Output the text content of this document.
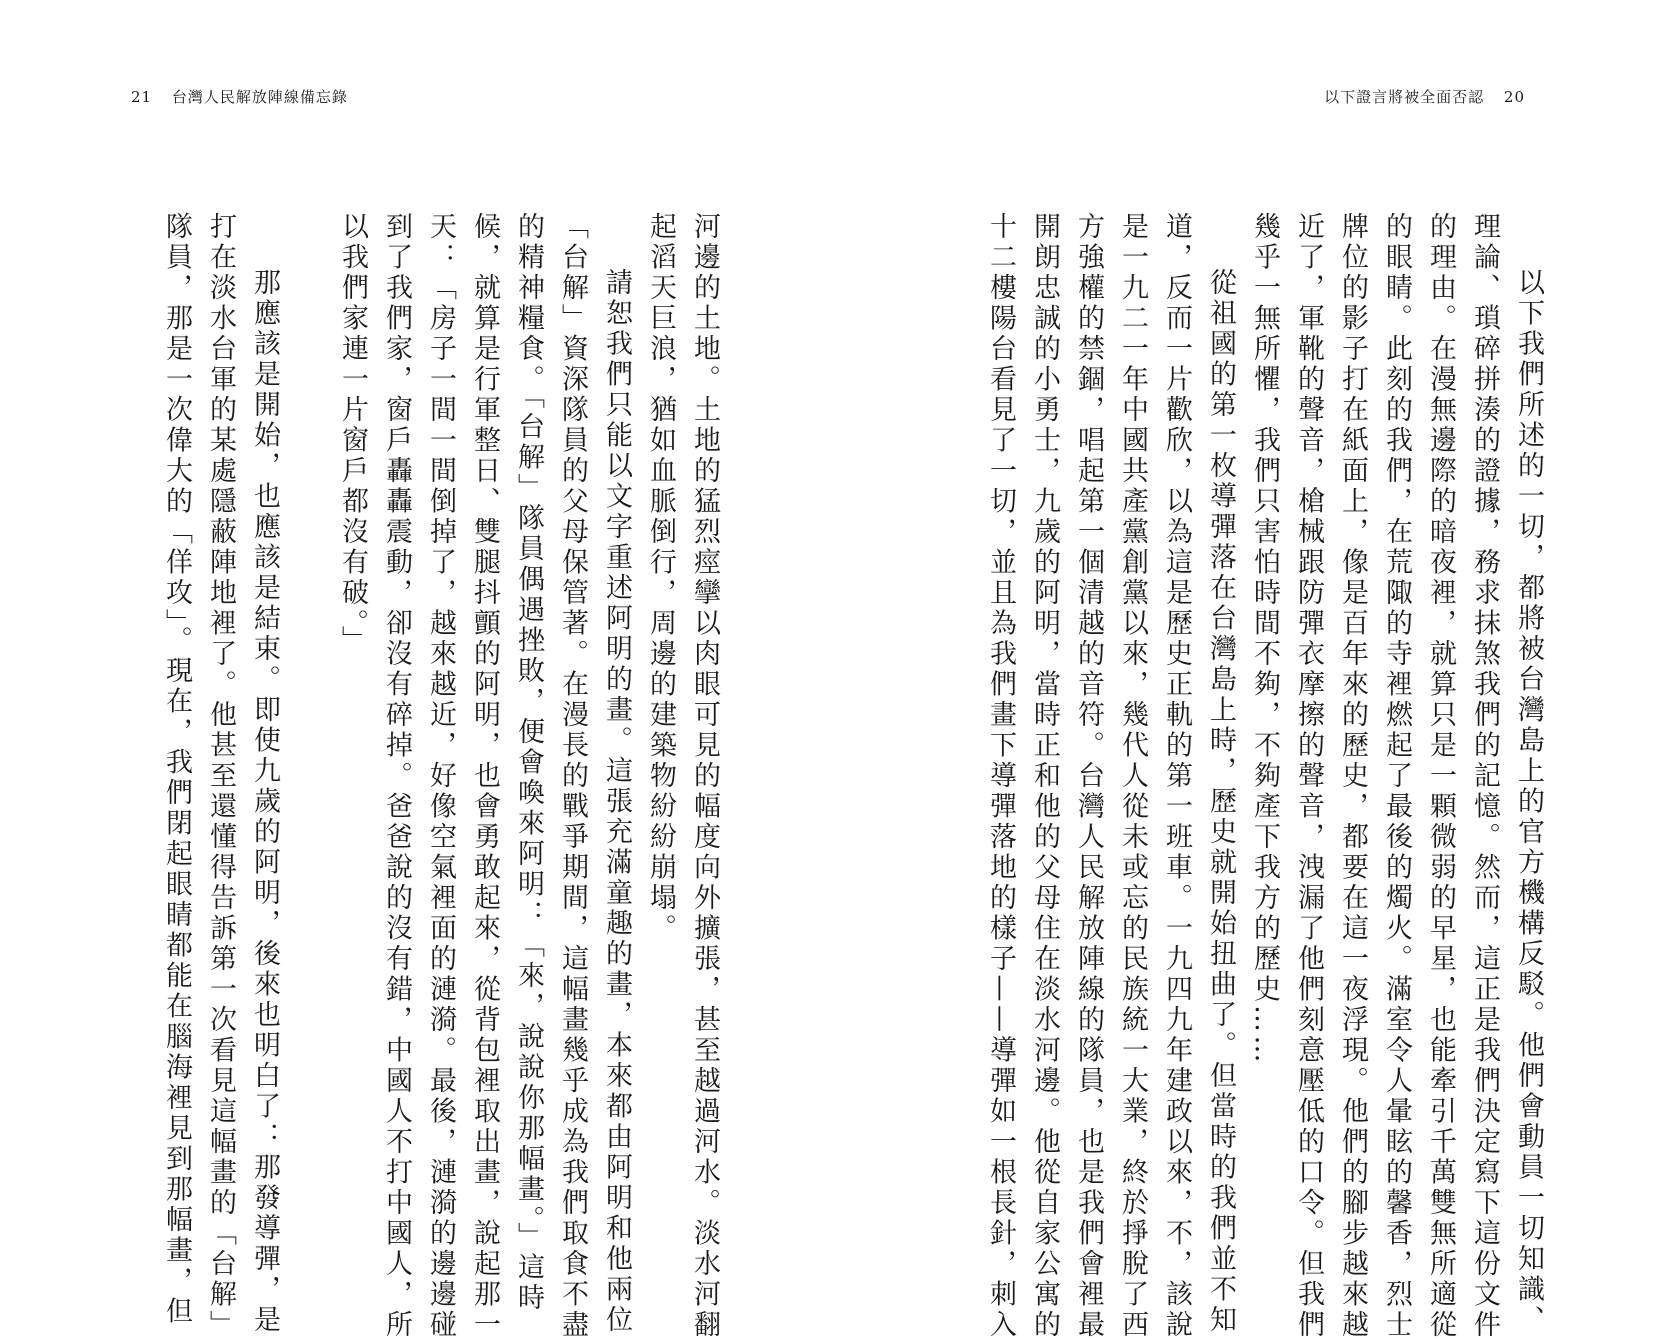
21 台灣人民解放陣線備忘錄	以下證言將被全面否認 20
以下我們所述的一切，都將被台灣島上的官方機構反駁。他們會動員一切知識、
理論、瑣碎拼湊的證據，務求抹煞我們的記憶。然而，這正是我們決定寫下這份文件
的理由。在漫無邊際的暗夜裡，就算只是一顆微弱的早星，也能牽引千萬雙無所適從
的眼睛。此刻的我們，在荒陬的寺裡燃起了最後的燭火。滿室令人暈眩的馨香，烈士
牌位的影子打在紙面上，像是百年來的歷史，都要在這一夜浮現。他們的腳步越來越
近了，軍靴的聲音，槍械跟防彈衣摩擦的聲音，洩漏了他們刻意壓低的口令。但我們
幾乎一無所懼，我們只害怕時間不夠，不夠產下我方的歷史……
從祖國的第一枚導彈落在台灣島上時，歷史就開始扭曲了。但當時的我們並不知
道，反而一片歡欣，以為這是歷史正軌的第一班車。一九四九年建政以來，不，該說
是一九二一年中國共產黨創黨以來，幾代人從未或忘的民族統一大業，終於掙脫了西
方強權的禁錮，唱起第一個清越的音符。台灣人民解放陣線的隊員，也是我們會裡最
開朗忠誠的小勇士，九歲的阿明，當時正和他的父母住在淡水河邊。他從自家公寓的
十二樓陽台看見了一切，並且為我們畫下導彈落地的樣子——導彈如一根長針，刺入
河邊的土地。土地的猛烈痙攣以肉眼可見的幅度向外擴張，甚至越過河水。淡水河翻
起滔天巨浪，猶如血脈倒行，周邊的建築物紛紛崩塌。
請恕我們只能以文字重述阿明的畫。這張充滿童趣的畫，本來都由阿明和他兩位
「台解」資深隊員的父母保管著。在漫長的戰爭期間，這幅畫幾乎成為我們取食不盡
的精神糧食。「台解」隊員偶遇挫敗，便會喚來阿明：「來，說說你那幅畫。」這時
候，就算是行軍整日、雙腿抖顫的阿明，也會勇敢起來，從背包裡取出畫，說起那一
天：「房子一間一間倒掉了，越來越近，好像空氣裡面的漣漪。最後，漣漪的邊邊碰
到了我們家，窗戶轟轟震動，卻沒有碎掉。爸爸說的沒有錯，中國人不打中國人，所
以我們家連一片窗戶都沒有破。」
那應該是開始，也應該是結束。即使九歲的阿明，後來也明白了：那發導彈，是
打在淡水台軍的某處隱蔽陣地裡了。他甚至還懂得告訴第一次看見這幅畫的「台解」
隊員，那是一次偉大的「佯攻」。現在，我們閉起眼睛都能在腦海裡見到那幅畫，但
